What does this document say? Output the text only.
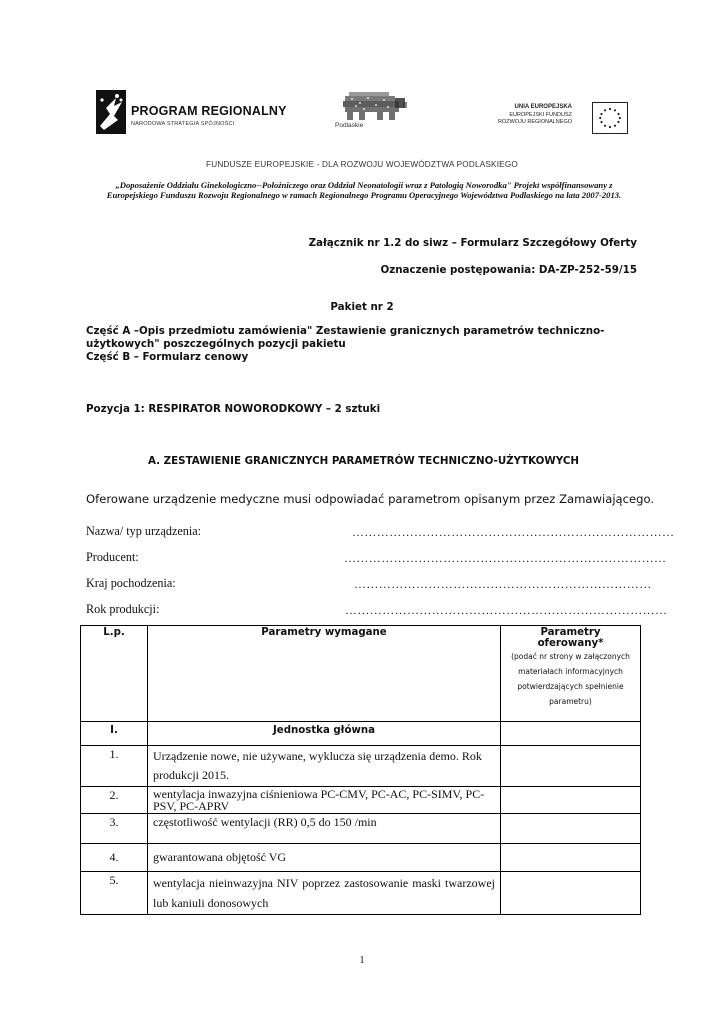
PROGRAM REGIONALNY
NARODOWA STRATEGIA SPÓJNOŚCI	Podlaskie
UNIA EUROPEJSKA
EUROPEJSKI FUNDUSZ
ROZWOJU REGIONALNEGO
FUNDUSZE EUROPEJSKIE - DLA ROZWOJU WOJEWÓDZTWA PODLASKIEGO
„Doposażenie Oddziału Ginekologiczno--Położniczego oraz Oddział Neonatologii wraz z Patologią Noworodka" Projekt współfinansowany z Europejskiego Funduszu Rozwoju Regionalnego w ramach Regionalnego Programu Operacyjnego Województwa Podlaskiego na lata 2007-2013.
Załącznik nr 1.2 do siwz – Formularz Szczegółowy Oferty
Oznaczenie postępowania: DA-ZP-252-59/15
Pakiet nr 2
Część A –Opis przedmiotu zamówienia" Zestawienie granicznych parametrów techniczno-użytkowych" poszczególnych pozycji pakietu
Część B – Formularz cenowy
Pozycja 1: RESPIRATOR NOWORODKOWY – 2 sztuki
A. ZESTAWIENIE GRANICZNYCH PARAMETRÓW TECHNICZNO-UŻYTKOWYCH
Oferowane urządzenie medyczne musi odpowiadać parametrom opisanym przez Zamawiającego.
Nazwa/ typ urządzenia:	……………………………………………………………………
Producent:	……………………………………………………………………
Kraj pochodzenia:	………………………………………………………………
Rok produkcji:	……………………………………………………………………
L.p.	Parametry wymagane	Parametry oferowany*
(podać nr strony w załączonych materiałach informacyjnych potwierdzających spełnienie parametru)

I.	Jednostka główna	
1.	Urządzenie nowe, nie używane, wyklucza się urządzenia demo. Rok produkcji 2015.	
2.	wentylacja inwazyjna ciśnieniowa PC-CMV, PC-AC, PC-SIMV, PC-PSV, PC-APRV	
3.	częstotliwość wentylacji (RR) 0,5 do 150 /min	
4.	gwarantowana objętość VG	
5.	wentylacja nieinwazyjna NIV poprzez zastosowanie maski twarzowej lub kaniuli donosowych	
1
